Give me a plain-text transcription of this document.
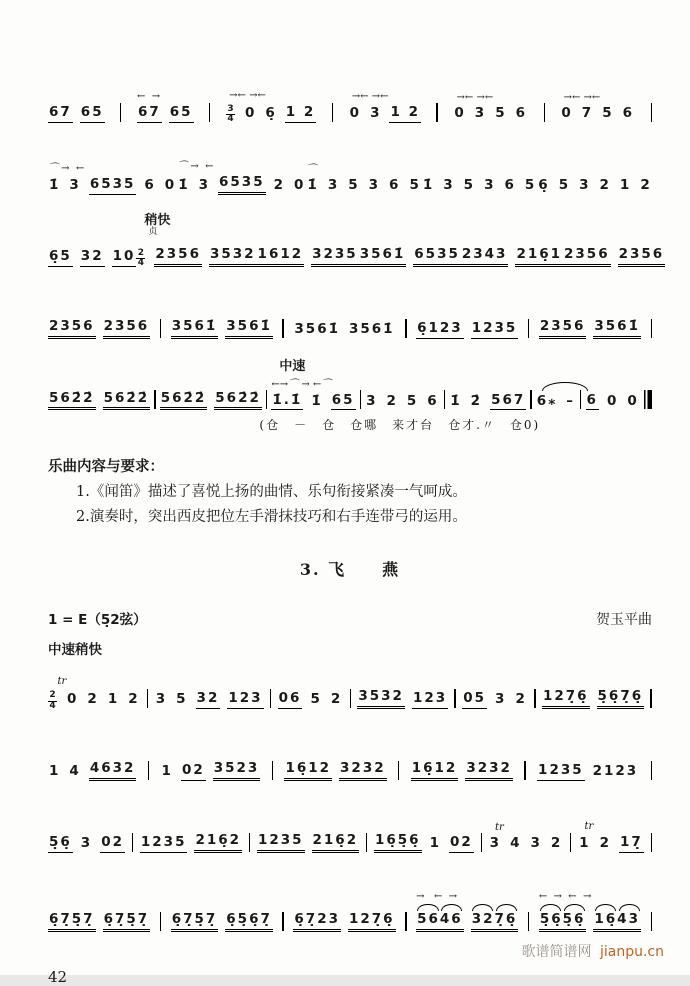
67 65
←  →
67 65
→← →←
3
4 0 6̣ 1 2
→← →←
0 3 1 2
→← →←
0 3 5 6
→← →←
0 7 5 6
⌒ →  ←
1̇ 3 6535 6 0
⌒ →  ←
1̇ 3 6535 2 0
⌒
1̇ 3 5 3 6 5 1̇ 3 5 3 6 5 6̣ 5 3 2 1 2
6̣5 32 10
稍快
贞
2
4
2356 3532 1612 3235 3561̇ 6535 2343 216̣1 2356 2356
2356 2356 3561̇ 3561̇ 3561̇ 3561̇ 6̣123 1235 2356 3561̇
562̇2̇ 562̇2̇ 562̇2̇ 562̇2̇
中速
←→⌒ → ←⌒
1̇.1̇ 1̇ 65 3 2 5 6 1̇ 2̇ 567 6⁎ – 6 0 0
(仓　－　仓　仓哪　来才台　仓才.〃　仓0)
乐曲内容与要求：
1.《闻笛》描述了喜悦上扬的曲情、乐句衔接紧凑一气呵成。
2.演奏时，突出西皮把位左手滑抹技巧和右手连带弓的运用。
3. 飞　　燕
1 = E（5̣2弦）	贺玉平曲
中速稍快
tr
2
4 0 2 1 2 3 5 32 123 06 5 2 3532 123 05 3 2 127̣6̣ 5̣6̣7̣6̣
1 4 4632 1 02 3523 16̣12 3232 16̣12 3232 1235 2123
5̣6̣ 3 02 1235 216̣2 1235 216̣2 16̣5̣6̣ 1 02
tr
3 4 3 2
tr
1 2 17̣
6̣7̣5̣7̣ 6̣7̣5̣7̣ 6̣7̣5̣7̣ 6̣5̣6̣7̣ 6̣7̣23 127̣6̣
→   ←  →
5646 327̣6̣
←  →  ←  →
5̣6̣5̣6̣ 16̣43
42
歌谱简谱网 jianpu.cn
